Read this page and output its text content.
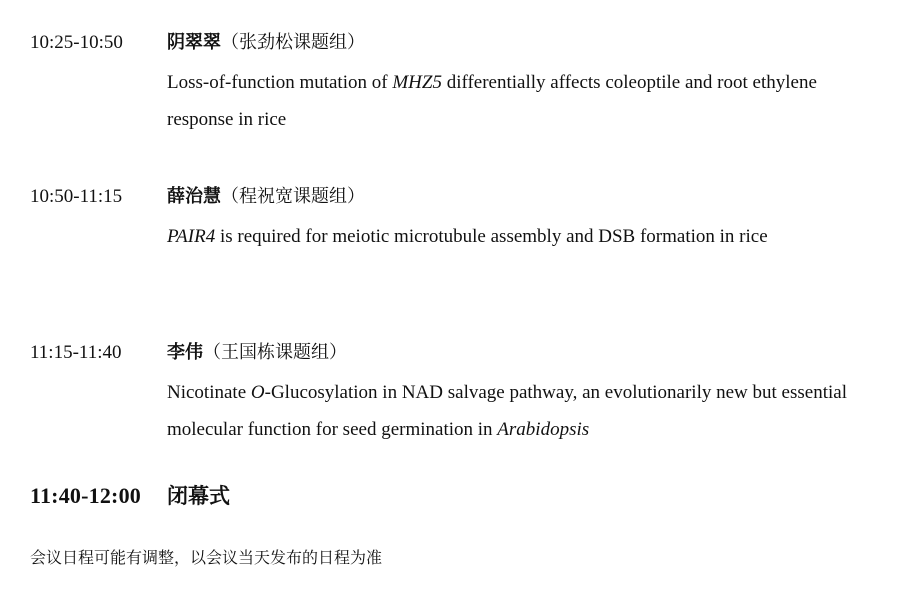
10:25-10:50 阴翠翠（张劲松课题组）
Loss-of-function mutation of MHZ5 differentially affects coleoptile and root ethylene response in rice
10:50-11:15 薛治慧（程祝宽课题组）
PAIR4 is required for meiotic microtubule assembly and DSB formation in rice
11:15-11:40	李伟（王国栋课题组）
Nicotinate O-Glucosylation in NAD salvage pathway, an evolutionarily new but essential molecular function for seed germination in Arabidopsis
11:40-12:00 闭幕式
会议日程可能有调整，以会议当天发布的日程为准
